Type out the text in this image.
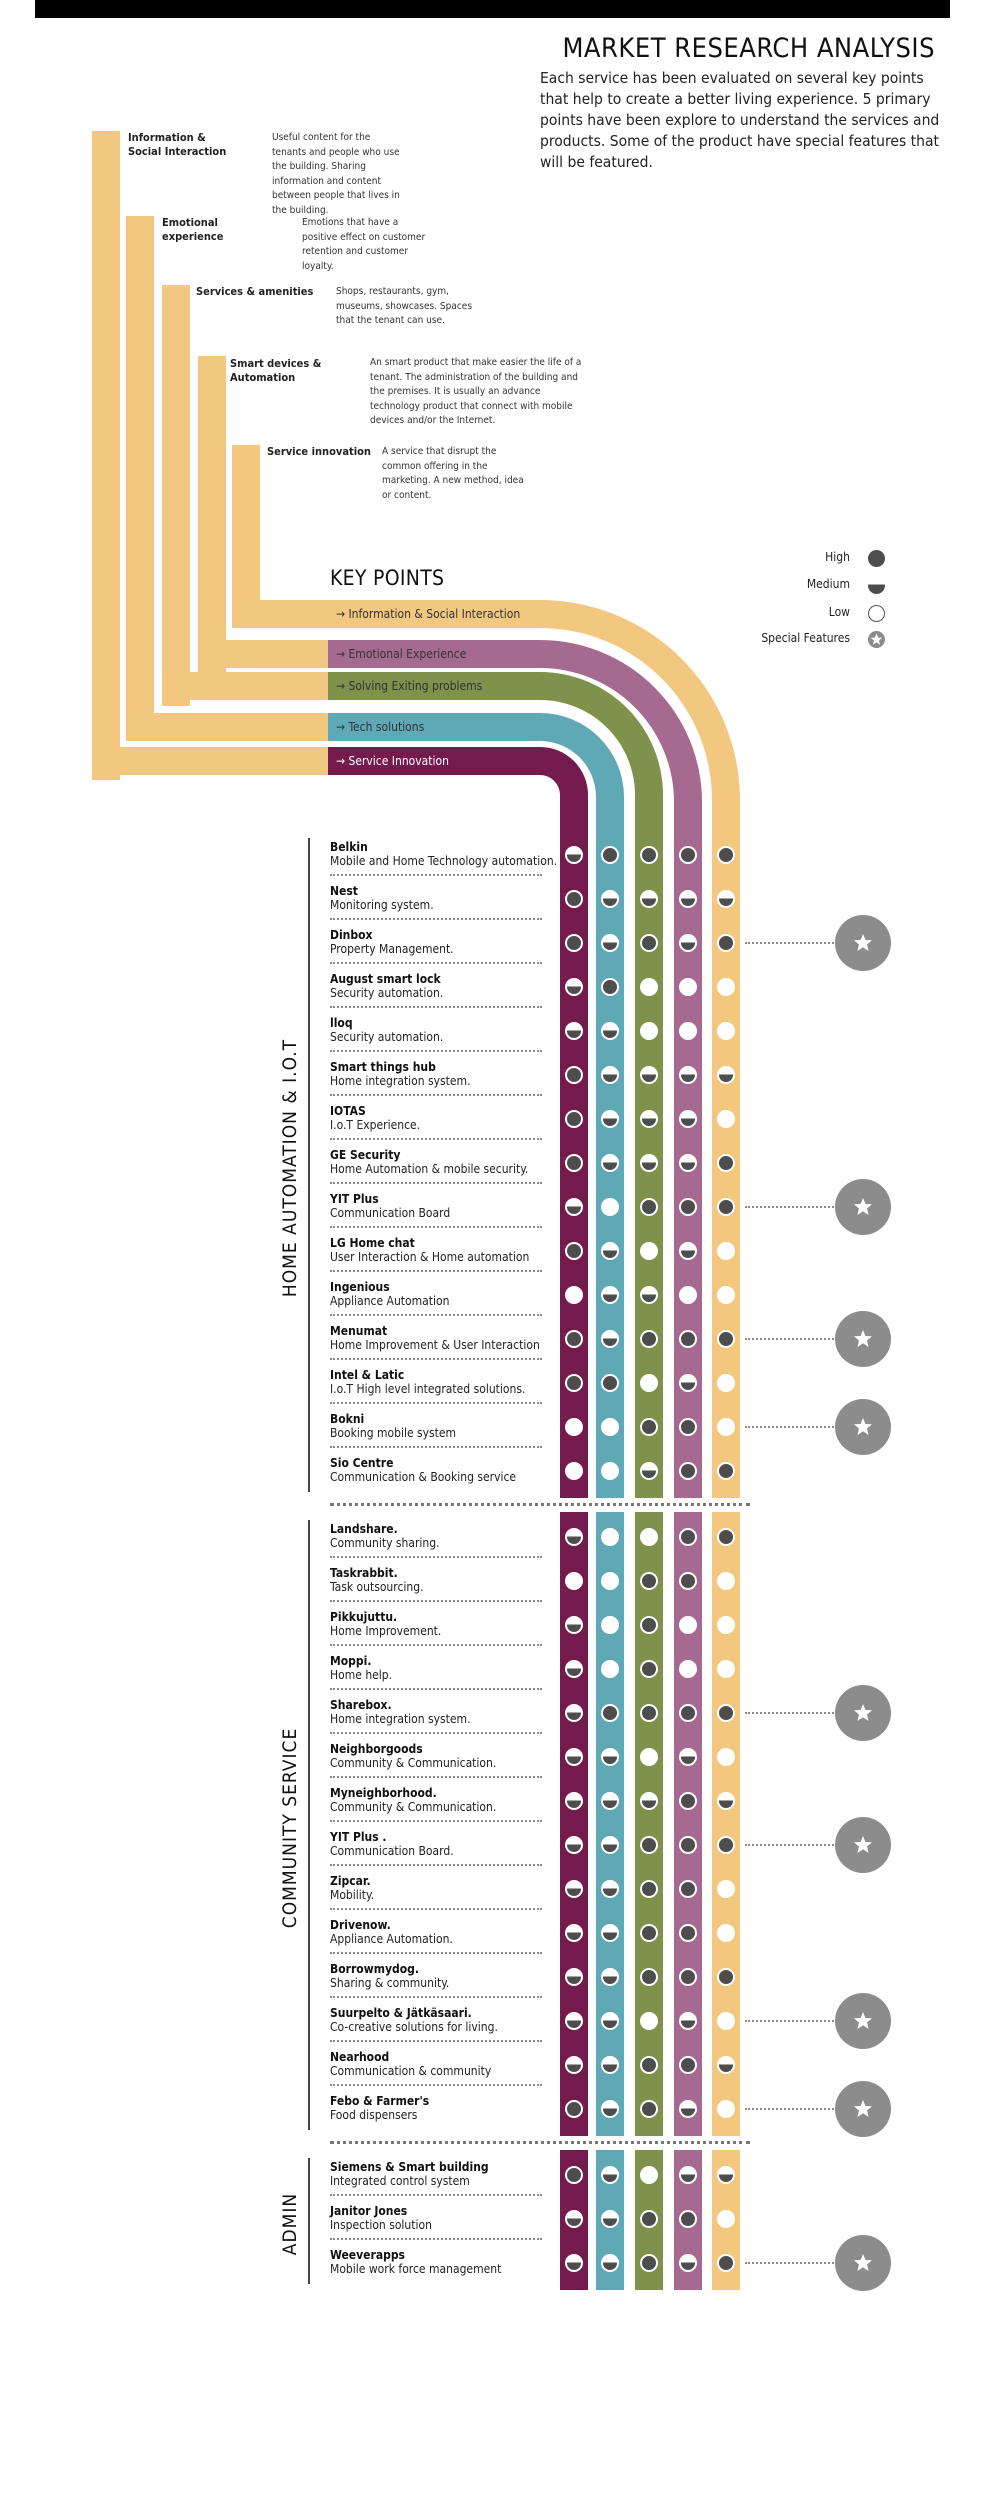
MARKET RESEARCH ANALYSIS
Each service has been evaluated on several key points that help to create a better living experience. 5 primary points have been explore to understand the services and products. Some of the product have special features that will be featured.
Information & Social Interaction
Useful content for the tenants and people who use the building. Sharing information and content between people that lives in the building.
Emotional experience
Emotions that have a positive effect on customer retention and customer loyalty.
Services & amenities Shops, restaurants, gym, museums, showcases. Spaces that the tenant can use.
Smart devices & Automation
An smart product that make easier the life of a tenant. The administration of the building and the premises. It is usually an advance technology product that connect with mobile devices and/or the Internet.
Service innovation	A service that disrupt the common offering in the marketing. A new method, idea or content.
KEY POINTS
→ Information & Social Interaction
→ Emotional Experience
→ Solving Exiting problems
→ Tech solutions
→ Service Innovation
High
Medium
Low
Special Features
HOME AUTOMATION & I.O.T
Belkin
Mobile and Home Technology automation.
Nest
Monitoring system.
Dinbox
Property Management.
August smart lock
Security automation.
lloq
Security automation.
Smart things hub
Home integration system.
IOTAS
I.o.T Experience.
GE Security
Home Automation & mobile security.
YIT Plus
Communication Board
LG Home chat
User Interaction & Home automation
Ingenious
Appliance Automation
Menumat
Home Improvement & User Interaction
Intel & Latic
I.o.T High level integrated solutions.
Bokni
Booking mobile system
Sio Centre
Communication & Booking service
COMMUNITY SERVICE
Landshare.
Community sharing.
Taskrabbit.
Task outsourcing.
Pikkujuttu.
Home Improvement.
Moppi.
Home help.
Sharebox.
Home integration system.
Neighborgoods
Community & Communication.
Myneighborhood.
Community & Communication.
YIT Plus .
Communication Board.
Zipcar.
Mobility.
Drivenow.
Appliance Automation.
Borrowmydog.
Sharing & community.
Suurpelto & Jätkäsaari.
Co-creative solutions for living.
Nearhood
Communication & community
Febo & Farmer's
Food dispensers
ADMIN
Siemens & Smart building
Integrated control system
Janitor Jones
Inspection solution
Weeverapps
Mobile work force management
